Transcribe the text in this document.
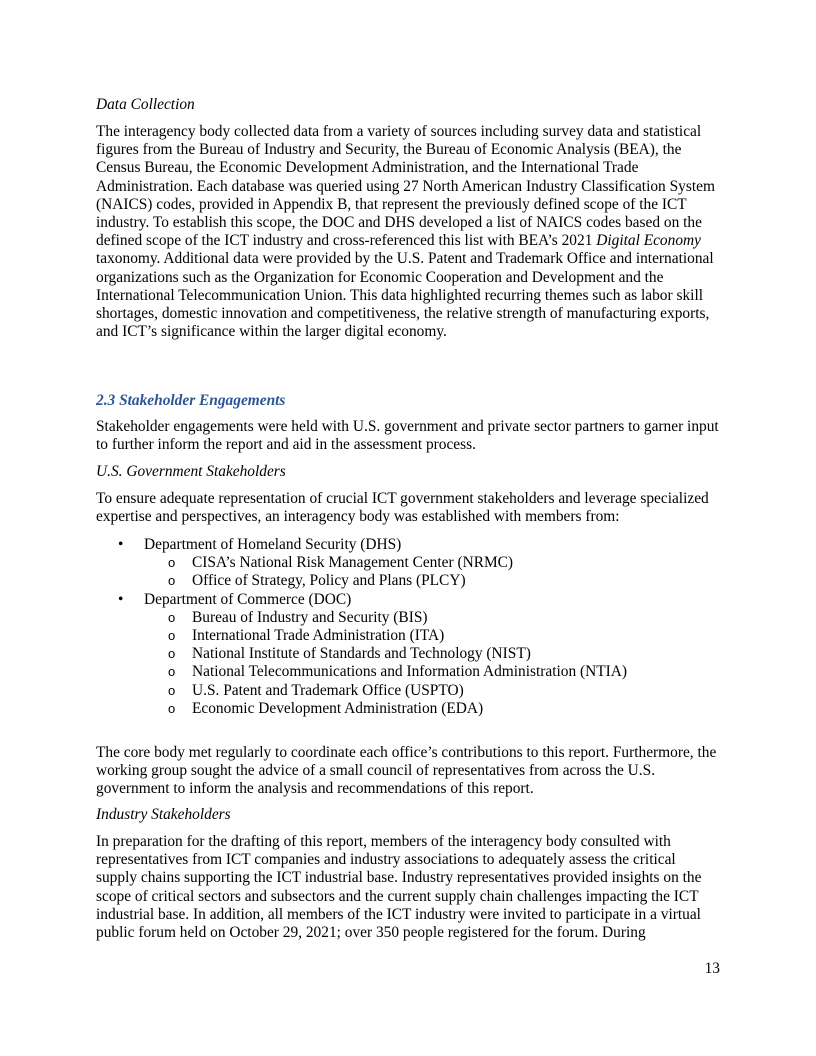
Data Collection

The interagency body collected data from a variety of sources including survey data and statistical figures from the Bureau of Industry and Security, the Bureau of Economic Analysis (BEA), the Census Bureau, the Economic Development Administration, and the International Trade Administration. Each database was queried using 27 North American Industry Classification System (NAICS) codes, provided in Appendix B, that represent the previously defined scope of the ICT industry. To establish this scope, the DOC and DHS developed a list of NAICS codes based on the defined scope of the ICT industry and cross-referenced this list with BEA’s 2021 Digital Economy taxonomy. Additional data were provided by the U.S. Patent and Trademark Office and international organizations such as the Organization for Economic Cooperation and Development and the International Telecommunication Union. This data highlighted recurring themes such as labor skill shortages, domestic innovation and competitiveness, the relative strength of manufacturing exports, and ICT’s significance within the larger digital economy.

2.3 Stakeholder Engagements

Stakeholder engagements were held with U.S. government and private sector partners to garner input to further inform the report and aid in the assessment process.

U.S. Government Stakeholders

To ensure adequate representation of crucial ICT government stakeholders and leverage specialized expertise and perspectives, an interagency body was established with members from:

• Department of Homeland Security (DHS)
o CISA’s National Risk Management Center (NRMC)
o Office of Strategy, Policy and Plans (PLCY)
• Department of Commerce (DOC)
o Bureau of Industry and Security (BIS)
o International Trade Administration (ITA)
o National Institute of Standards and Technology (NIST)
o National Telecommunications and Information Administration (NTIA)
o U.S. Patent and Trademark Office (USPTO)
o Economic Development Administration (EDA)

The core body met regularly to coordinate each office’s contributions to this report. Furthermore, the working group sought the advice of a small council of representatives from across the U.S. government to inform the analysis and recommendations of this report.

Industry Stakeholders

In preparation for the drafting of this report, members of the interagency body consulted with representatives from ICT companies and industry associations to adequately assess the critical supply chains supporting the ICT industrial base. Industry representatives provided insights on the scope of critical sectors and subsectors and the current supply chain challenges impacting the ICT industrial base. In addition, all members of the ICT industry were invited to participate in a virtual public forum held on October 29, 2021; over 350 people registered for the forum. During

13
